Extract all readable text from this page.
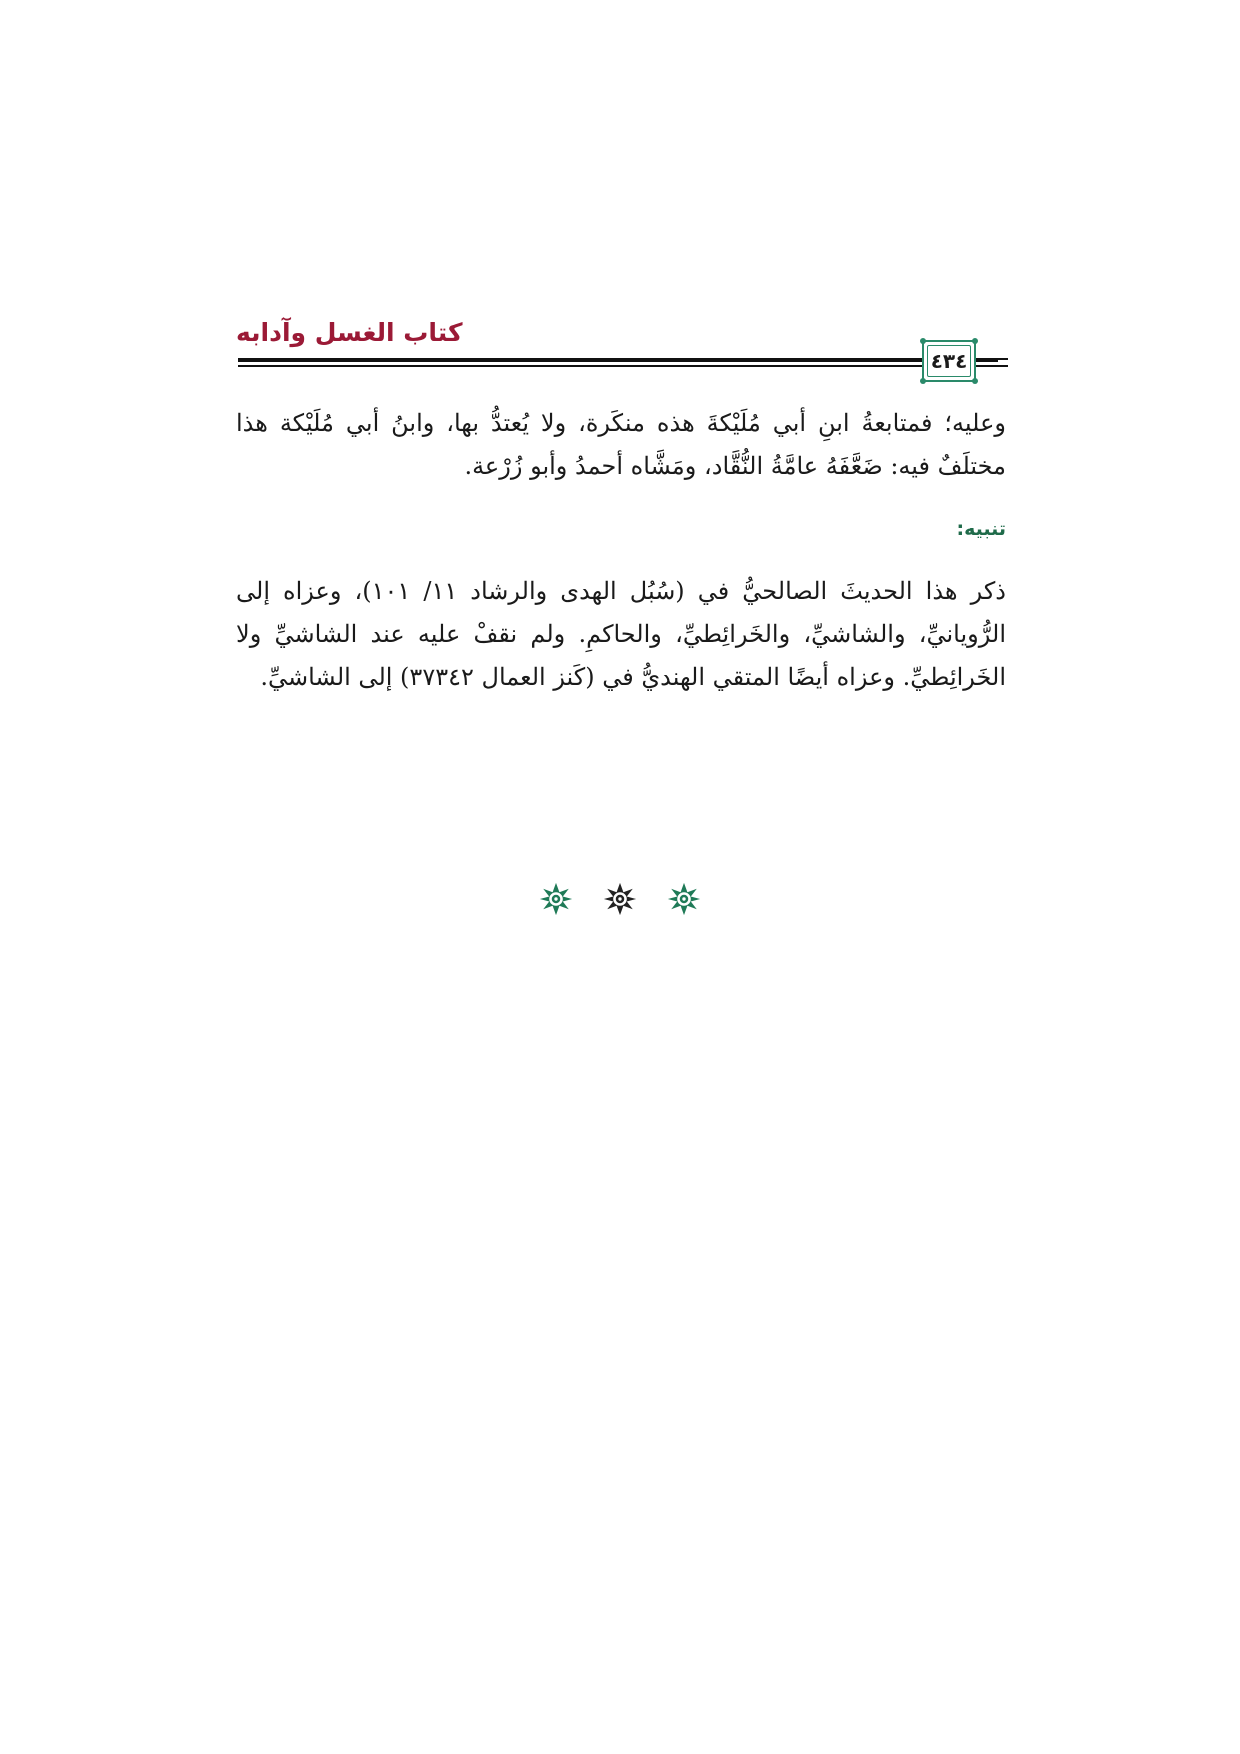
كتاب الغسل وآدابه
٤٣٤

وعليه؛ فمتابعةُ ابنِ أبي مُلَيْكةَ هذه منكَرة، ولا يُعتدُّ بها، وابنُ أبي مُلَيْكة هذا مختلَفٌ فيه: ضَعَّفَهُ عامَّةُ النُّقَّاد، ومَشَّاه أحمدُ وأبو زُرْعة.

تنبيه:

ذكر هذا الحديثَ الصالحيُّ في (سُبُل الهدى والرشاد ١١/ ١٠١)، وعزاه إلى الرُّويانيِّ، والشاشيِّ، والخَرائِطيِّ، والحاكمِ. ولم نقفْ عليه عند الشاشيِّ ولا الخَرائِطيِّ. وعزاه أيضًا المتقي الهنديُّ في (كَنز العمال ٣٧٣٤٢) إلى الشاشيِّ.
